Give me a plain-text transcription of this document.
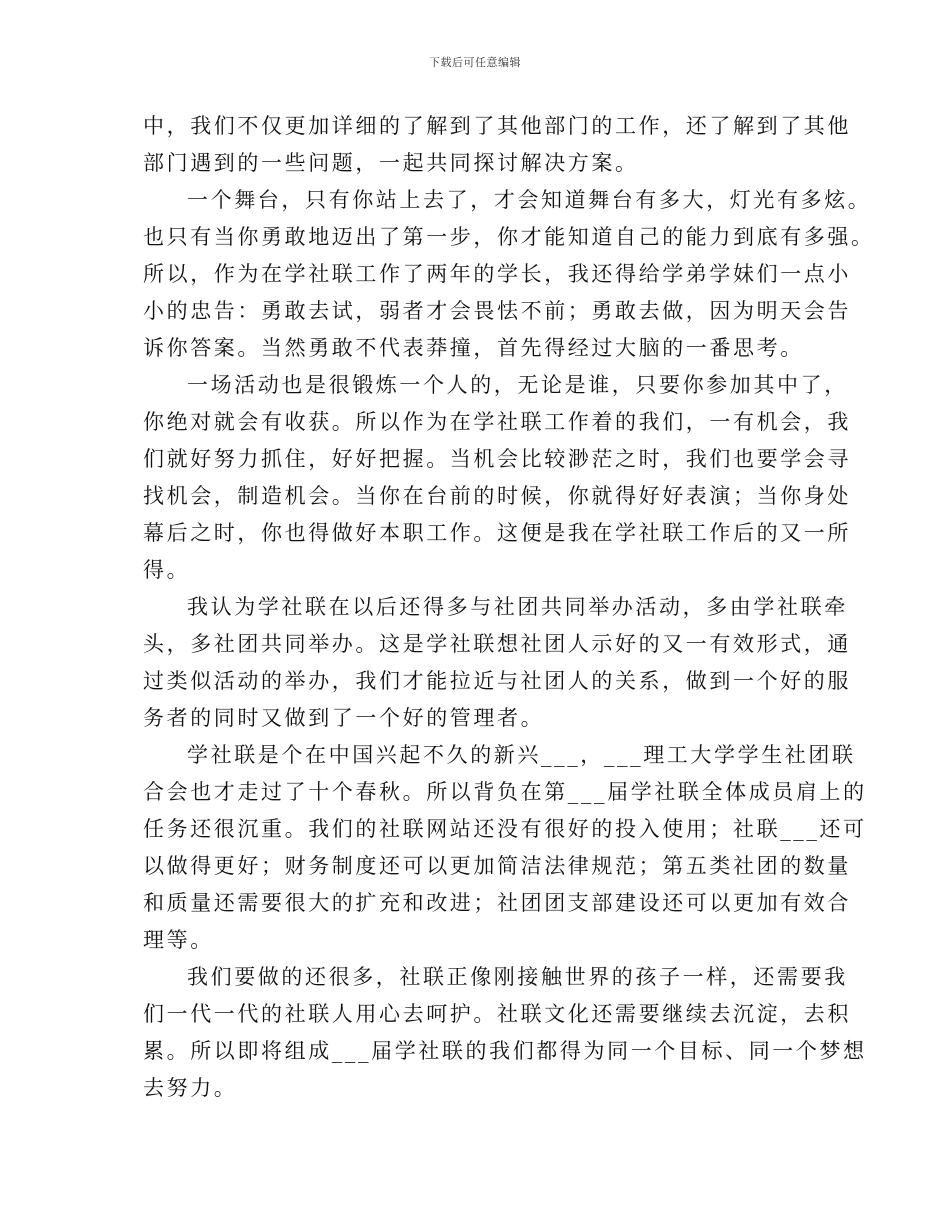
下载后可任意编辑

中，我们不仅更加详细的了解到了其他部门的工作，还了解到了其他
部门遇到的一些问题，一起共同探讨解决方案。

一个舞台，只有你站上去了，才会知道舞台有多大，灯光有多炫。
也只有当你勇敢地迈出了第一步，你才能知道自己的能力到底有多强。
所以，作为在学社联工作了两年的学长，我还得给学弟学妹们一点小
小的忠告：勇敢去试，弱者才会畏怯不前；勇敢去做，因为明天会告
诉你答案。当然勇敢不代表莽撞，首先得经过大脑的一番思考。

一场活动也是很锻炼一个人的，无论是谁，只要你参加其中了，
你绝对就会有收获。所以作为在学社联工作着的我们，一有机会，我
们就好努力抓住，好好把握。当机会比较渺茫之时，我们也要学会寻
找机会，制造机会。当你在台前的时候，你就得好好表演；当你身处
幕后之时，你也得做好本职工作。这便是我在学社联工作后的又一所
得。

我认为学社联在以后还得多与社团共同举办活动，多由学社联牵
头，多社团共同举办。这是学社联想社团人示好的又一有效形式，通
过类似活动的举办，我们才能拉近与社团人的关系，做到一个好的服
务者的同时又做到了一个好的管理者。

学社联是个在中国兴起不久的新兴___，___理工大学学生社团联
合会也才走过了十个春秋。所以背负在第___届学社联全体成员肩上的
任务还很沉重。我们的社联网站还没有很好的投入使用；社联___还可
以做得更好；财务制度还可以更加简洁法律规范；第五类社团的数量
和质量还需要很大的扩充和改进；社团团支部建设还可以更加有效合
理等。

我们要做的还很多，社联正像刚接触世界的孩子一样，还需要我
们一代一代的社联人用心去呵护。社联文化还需要继续去沉淀，去积
累。所以即将组成___届学社联的我们都得为同一个目标、同一个梦想
去努力。
